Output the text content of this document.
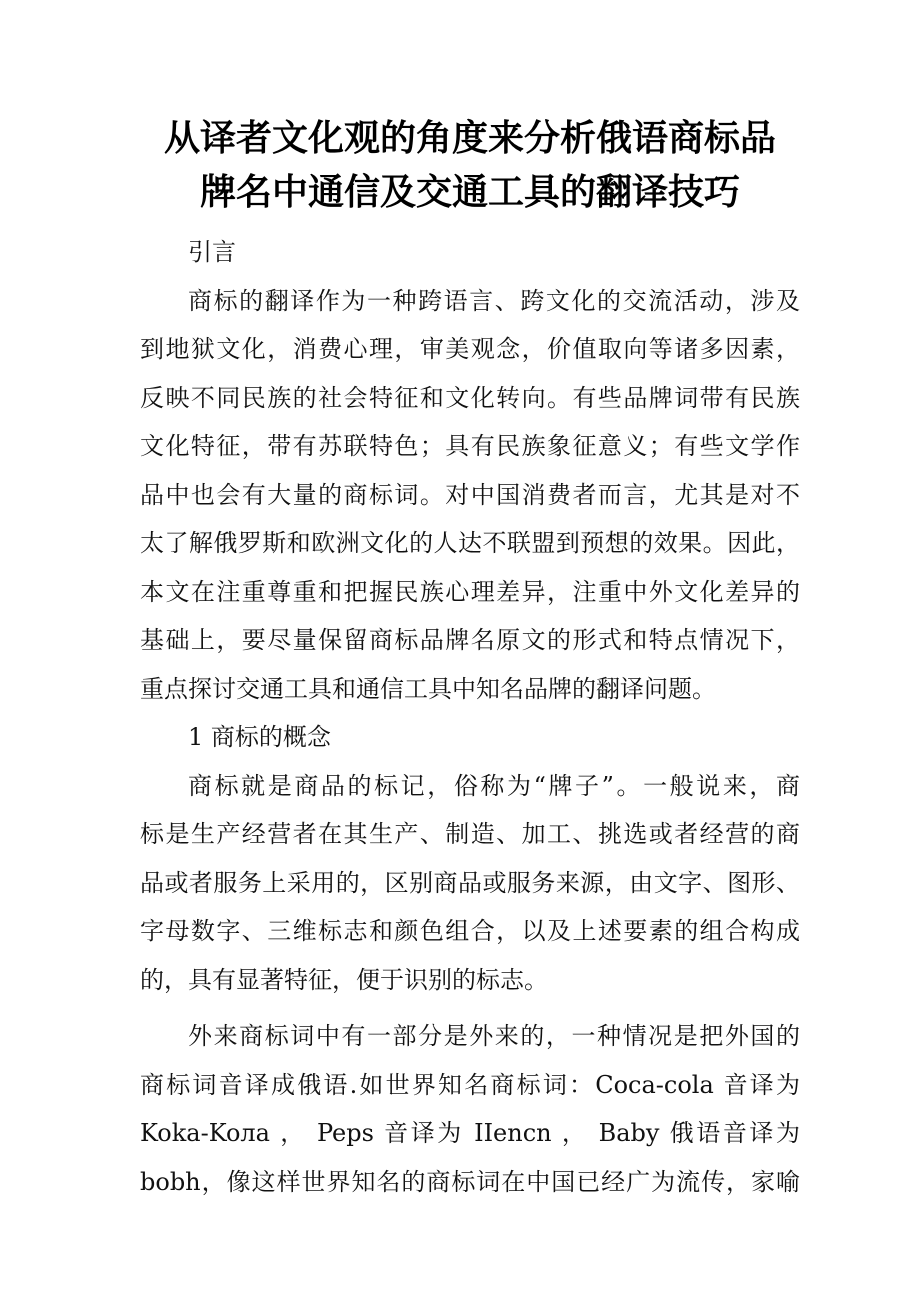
从译者文化观的角度来分析俄语商标品
牌名中通信及交通工具的翻译技巧

引言

商标的翻译作为一种跨语言、跨文化的交流活动，涉及
到地狱文化，消费心理，审美观念，价值取向等诸多因素，
反映不同民族的社会特征和文化转向。有些品牌词带有民族
文化特征，带有苏联特色；具有民族象征意义；有些文学作
品中也会有大量的商标词。对中国消费者而言，尤其是对不
太了解俄罗斯和欧洲文化的人达不联盟到预想的效果。因此，
本文在注重尊重和把握民族心理差异，注重中外文化差异的
基础上，要尽量保留商标品牌名原文的形式和特点情况下，
重点探讨交通工具和通信工具中知名品牌的翻译问题。

1 商标的概念

商标就是商品的标记，俗称为“牌子”。一般说来，商
标是生产经营者在其生产、制造、加工、挑选或者经营的商
品或者服务上采用的，区别商品或服务来源，由文字、图形、
字母数字、三维标志和颜色组合，以及上述要素的组合构成
的，具有显著特征，便于识别的标志。
外来商标词中有一部分是外来的，一种情况是把外国的
商标词音译成俄语.如世界知名商标词：Coca-cola 音译为
Koka-Koлa ， Peps 音译为 IIencn ， Baby 俄语音译为
bobh，像这样世界知名的商标词在中国已经广为流传，家喻
